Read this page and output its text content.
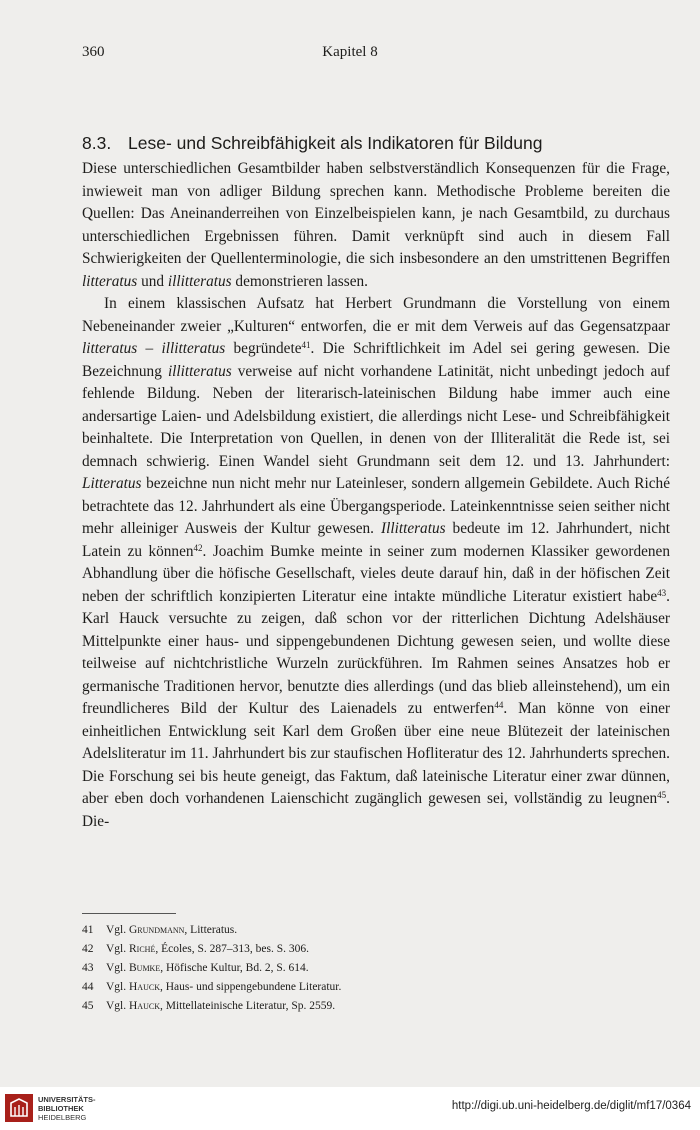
360	Kapitel 8
8.3. Lese- und Schreibfähigkeit als Indikatoren für Bildung

Diese unterschiedlichen Gesamtbilder haben selbstverständlich Konsequenzen für die Frage, inwieweit man von adliger Bildung sprechen kann. Methodische Probleme bereiten die Quellen: Das Aneinanderreihen von Einzelbeispielen kann, je nach Gesamtbild, zu durchaus unterschiedlichen Ergebnissen führen. Damit verknüpft sind auch in diesem Fall Schwierigkeiten der Quellenterminologie, die sich insbesondere an den umstrittenen Begriffen litteratus und illitteratus demonstrieren lassen.

In einem klassischen Aufsatz hat Herbert Grundmann die Vorstellung von einem Nebeneinander zweier „Kulturen“ entworfen, die er mit dem Verweis auf das Gegensatzpaar litteratus – illitteratus begründete$^{41}$. Die Schriftlichkeit im Adel sei gering gewesen. Die Bezeichnung illitteratus verweise auf nicht vorhandene Latinität, nicht unbedingt jedoch auf fehlende Bildung. Neben der literarisch-lateinischen Bildung habe immer auch eine andersartige Laien- und Adelsbildung existiert, die allerdings nicht Lese- und Schreibfähigkeit beinhaltete. Die Interpretation von Quellen, in denen von der Illiteralität die Rede ist, sei demnach schwierig. Einen Wandel sieht Grundmann seit dem 12. und 13. Jahrhundert: Litteratus bezeichne nun nicht mehr nur Lateinleser, sondern allgemein Gebildete. Auch Riché betrachtete das 12. Jahrhundert als eine Übergangsperiode. Lateinkenntnisse seien seither nicht mehr alleiniger Ausweis der Kultur gewesen. Illitteratus bedeute im 12. Jahrhundert, nicht Latein zu können$^{42}$. Joachim Bumke meinte in seiner zum modernen Klassiker gewordenen Abhandlung über die höfische Gesellschaft, vieles deute darauf hin, daß in der höfischen Zeit neben der schriftlich konzipierten Literatur eine intakte mündliche Literatur existiert habe$^{43}$. Karl Hauck versuchte zu zeigen, daß schon vor der ritterlichen Dichtung Adelshäuser Mittelpunkte einer haus- und sippengebundenen Dichtung gewesen seien, und wollte diese teilweise auf nichtchristliche Wurzeln zurückführen. Im Rahmen seines Ansatzes hob er germanische Traditionen hervor, benutzte dies allerdings (und das blieb alleinstehend), um ein freundlicheres Bild der Kultur des Laienadels zu entwerfen$^{44}$. Man könne von einer einheitlichen Entwicklung seit Karl dem Großen über eine neue Blütezeit der lateinischen Adelsliteratur im 11. Jahrhundert bis zur staufischen Hofliteratur des 12. Jahrhunderts sprechen. Die Forschung sei bis heute geneigt, das Faktum, daß lateinische Literatur einer zwar dünnen, aber eben doch vorhandenen Laienschicht zugänglich gewesen sei, vollständig zu leugnen$^{45}$. Die-

41 Vgl. Grundmann, Litteratus.
42 Vgl. Riché, Écoles, S. 287–313, bes. S. 306.
43 Vgl. Bumke, Höfische Kultur, Bd. 2, S. 614.
44 Vgl. Hauck, Haus- und sippengebundene Literatur.
45 Vgl. Hauck, Mittellateinische Literatur, Sp. 2559.
UNIVERSITÄTS-
BIBLIOTHEK
HEIDELBERG
http://digi.ub.uni-heidelberg.de/diglit/mf17/0364
